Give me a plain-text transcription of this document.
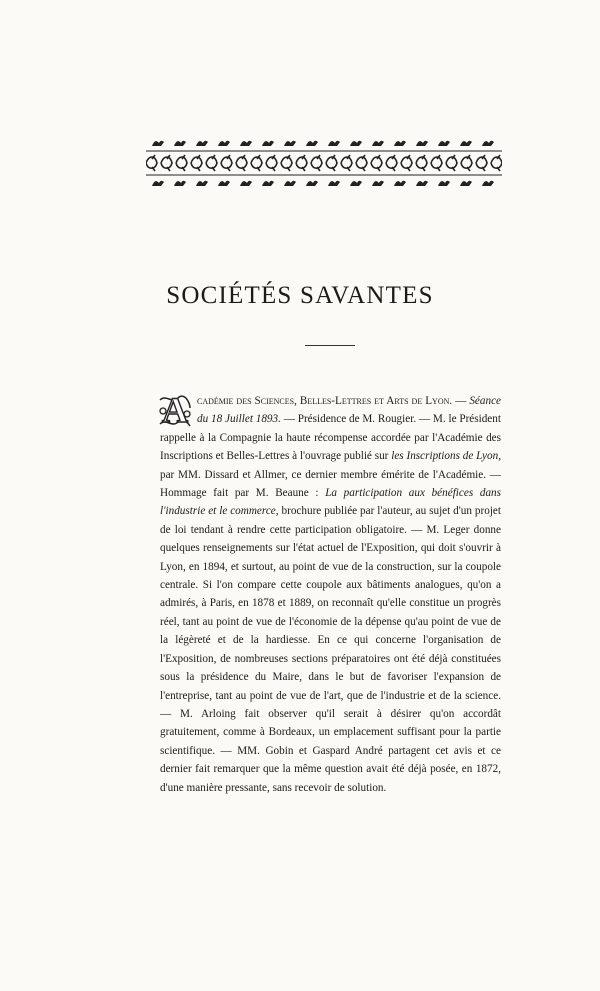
SOCIÉTÉS SAVANTES
A cadémie des Sciences, Belles-Lettres et Arts de Lyon. — Séance du 18 Juillet 1893. — Présidence de M. Rougier. — M. le Président rappelle à la Compagnie la haute récompense accordée par l'Académie des Inscriptions et Belles-Lettres à l'ouvrage publié sur les Inscriptions de Lyon, par MM. Dissard et Allmer, ce dernier membre émérite de l'Académie. — Hommage fait par M. Beaune : La participation aux bénéfices dans l'industrie et le commerce, brochure publiée par l'auteur, au sujet d'un projet de loi tendant à rendre cette participation obligatoire. — M. Leger donne quelques renseignements sur l'état actuel de l'Exposition, qui doit s'ouvrir à Lyon, en 1894, et surtout, au point de vue de la construction, sur la coupole centrale. Si l'on compare cette coupole aux bâtiments analogues, qu'on a admirés, à Paris, en 1878 et 1889, on reconnaît qu'elle constitue un progrès réel, tant au point de vue de l'économie de la dépense qu'au point de vue de la légèreté et de la hardiesse. En ce qui concerne l'organisation de l'Exposition, de nombreuses sections préparatoires ont été déjà constituées sous la présidence du Maire, dans le but de favoriser l'expansion de l'entreprise, tant au point de vue de l'art, que de l'industrie et de la science. — M. Arloing fait observer qu'il serait à désirer qu'on accordât gratuitement, comme à Bordeaux, un emplacement suffisant pour la partie scientifique. — MM. Gobin et Gaspard André partagent cet avis et ce dernier fait remarquer que la même question avait été déjà posée, en 1872, d'une manière pressante, sans recevoir de solution.
